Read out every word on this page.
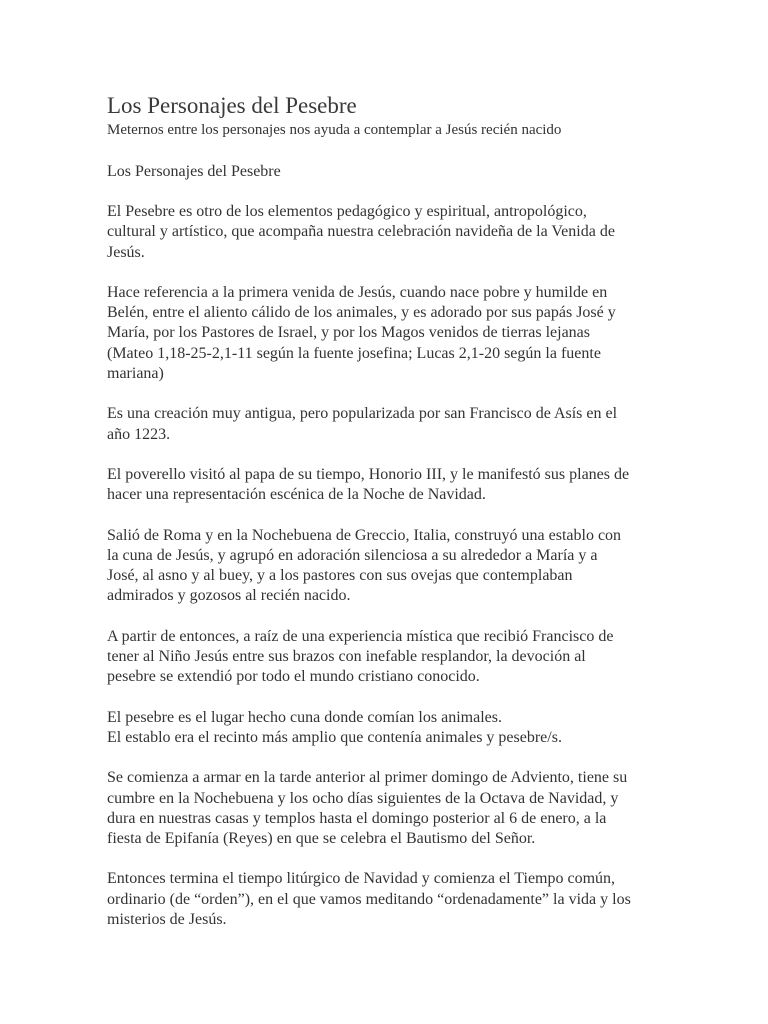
Los Personajes del Pesebre

Meternos entre los personajes nos ayuda a contemplar a Jesús recién nacido

Los Personajes del Pesebre

El Pesebre es otro de los elementos pedagógico y espiritual, antropológico,
cultural y artístico, que acompaña nuestra celebración navideña de la Venida de
Jesús.

Hace referencia a la primera venida de Jesús, cuando nace pobre y humilde en
Belén, entre el aliento cálido de los animales, y es adorado por sus papás José y
María, por los Pastores de Israel, y por los Magos venidos de tierras lejanas
(Mateo 1,18-25-2,1-11 según la fuente josefina; Lucas 2,1-20 según la fuente
mariana)

Es una creación muy antigua, pero popularizada por san Francisco de Asís en el
año 1223.

El poverello visitó al papa de su tiempo, Honorio III, y le manifestó sus planes de
hacer una representación escénica de la Noche de Navidad.

Salió de Roma y en la Nochebuena de Greccio, Italia, construyó una establo con
la cuna de Jesús, y agrupó en adoración silenciosa a su alrededor a María y a
José, al asno y al buey, y a los pastores con sus ovejas que contemplaban
admirados y gozosos al recién nacido.

A partir de entonces, a raíz de una experiencia mística que recibió Francisco de
tener al Niño Jesús entre sus brazos con inefable resplandor, la devoción al
pesebre se extendió por todo el mundo cristiano conocido.

El pesebre es el lugar hecho cuna donde comían los animales.
El establo era el recinto más amplio que contenía animales y pesebre/s.

Se comienza a armar en la tarde anterior al primer domingo de Adviento, tiene su
cumbre en la Nochebuena y los ocho días siguientes de la Octava de Navidad, y
dura en nuestras casas y templos hasta el domingo posterior al 6 de enero, a la
fiesta de Epifanía (Reyes) en que se celebra el Bautismo del Señor.

Entonces termina el tiempo litúrgico de Navidad y comienza el Tiempo común,
ordinario (de “orden”), en el que vamos meditando “ordenadamente” la vida y los
misterios de Jesús.
